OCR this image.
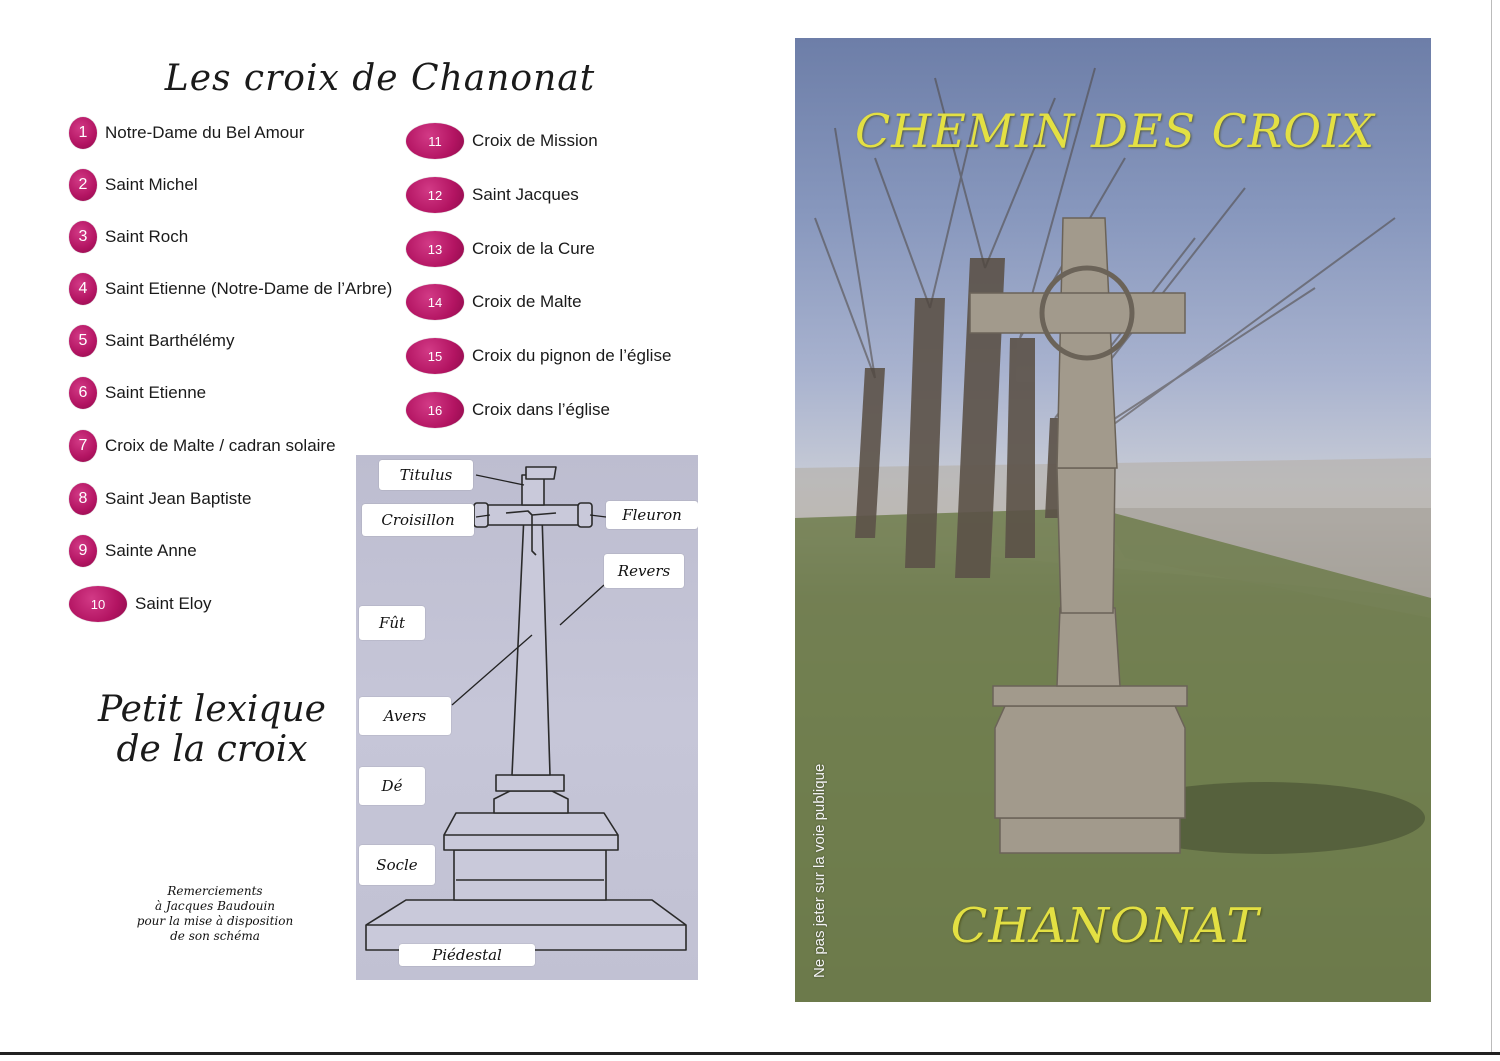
Les croix de Chanonat
1	Notre-Dame du Bel Amour
2	Saint Michel
3	Saint Roch
4	Saint Etienne (Notre-Dame de l’Arbre)
5	Saint Barthélémy
6	Saint Etienne
7	Croix de Malte / cadran solaire
8	Saint Jean Baptiste
9	Sainte Anne
10	Saint Eloy
11	Croix de Mission
12	Saint Jacques
13	Croix de la Cure
14	Croix de Malte
15	Croix du pignon de l’église
16	Croix dans l’église
Petit lexique
de la croix
Remerciements
à Jacques Baudouin
pour la mise à disposition
de son schéma
Titulus
Croisillon	Fleuron
Revers
Fût
Avers
Dé
Socle
Piédestal
CHEMIN DES CROIX
CHANONAT
Ne pas jeter sur la voie publique
